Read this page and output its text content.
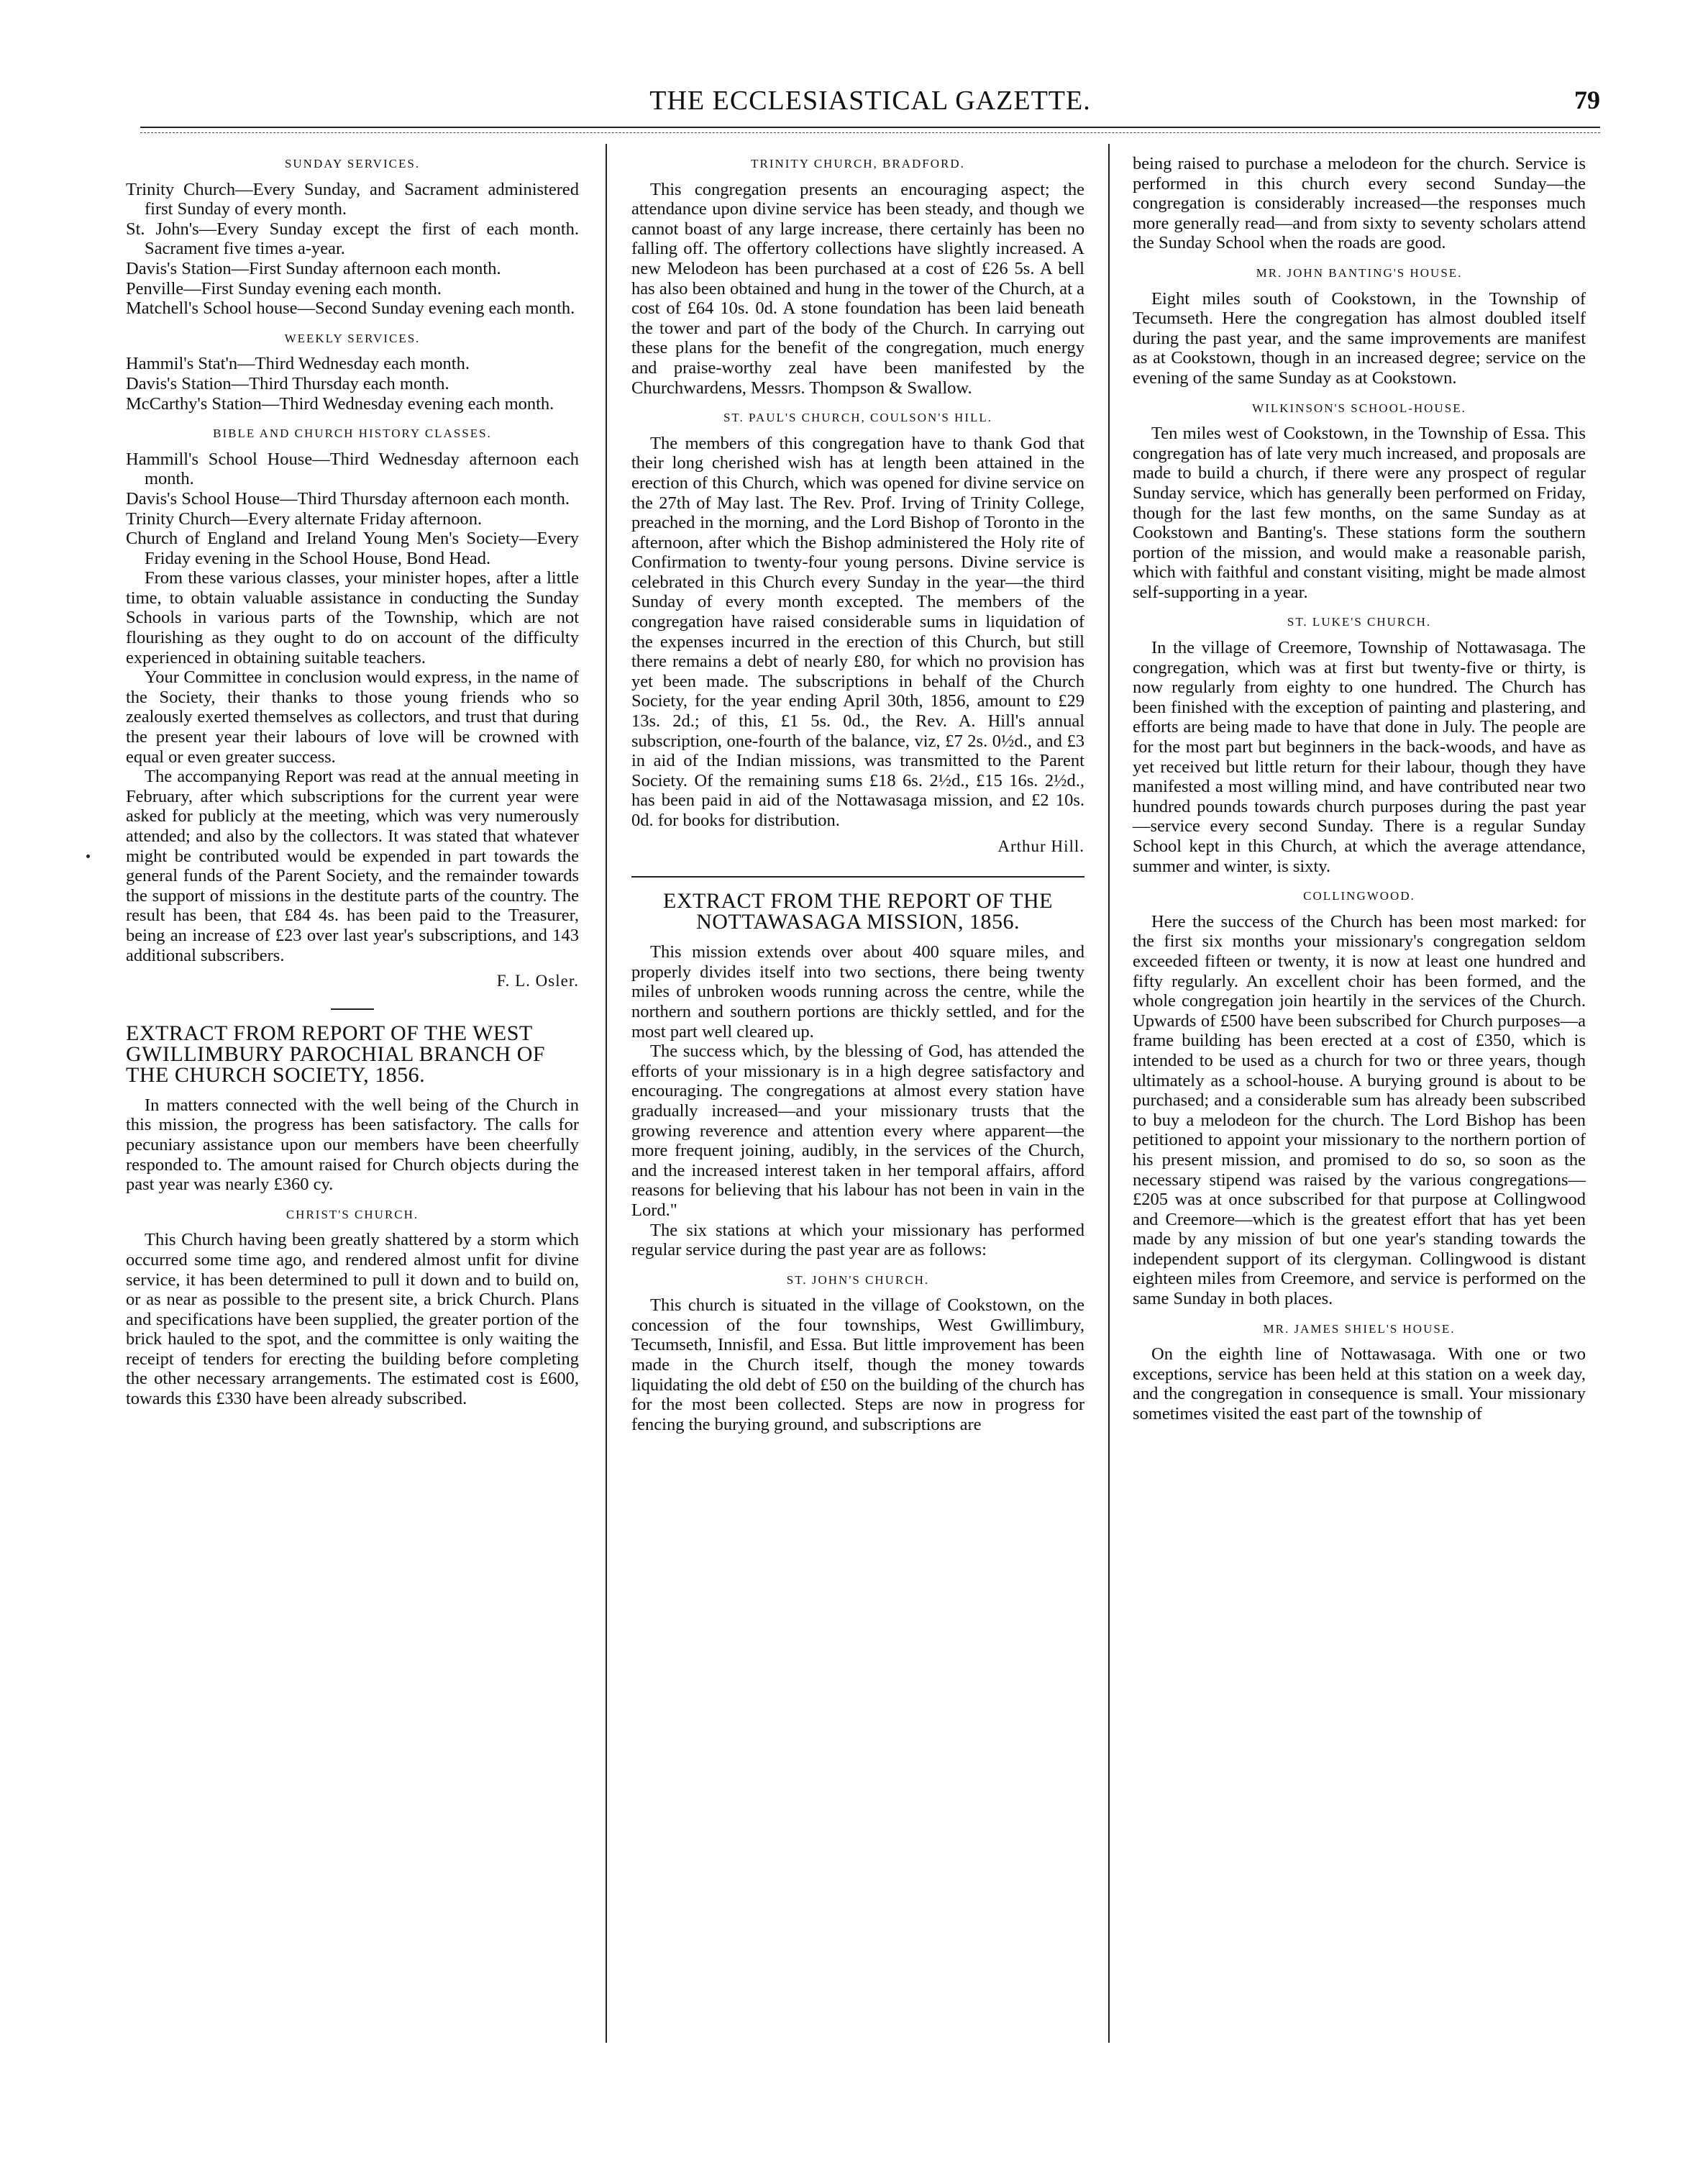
THE ECCLESIASTICAL GAZETTE.	79
SUNDAY SERVICES.

Trinity Church—Every Sunday, and Sacrament administered first Sunday of every month.

St. John's—Every Sunday except the first of each month. Sacrament five times a-year.

Davis's Station—First Sunday afternoon each month.

Penville—First Sunday evening each month.

Matchell's School house—Second Sunday evening each month.

WEEKLY SERVICES.

Hammil's Stat'n—Third Wednesday each month.

Davis's Station—Third Thursday each month.

McCarthy's Station—Third Wednesday evening each month.

BIBLE AND CHURCH HISTORY CLASSES.

Hammill's School House—Third Wednesday afternoon each month.

Davis's School House—Third Thursday afternoon each month.

Trinity Church—Every alternate Friday afternoon.

Church of England and Ireland Young Men's Society—Every Friday evening in the School House, Bond Head.

From these various classes, your minister hopes, after a little time, to obtain valuable assistance in conducting the Sunday Schools in various parts of the Township, which are not flourishing as they ought to do on account of the difficulty experienced in obtaining suitable teachers.

Your Committee in conclusion would express, in the name of the Society, their thanks to those young friends who so zealously exerted themselves as collectors, and trust that during the present year their labours of love will be crowned with equal or even greater success.

The accompanying Report was read at the annual meeting in February, after which subscriptions for the current year were asked for publicly at the meeting, which was very numerously attended; and also by the collectors. It was stated that whatever might be contributed would be expended in part towards the general funds of the Parent Society, and the remainder towards the support of missions in the destitute parts of the country. The result has been, that £84 4s. has been paid to the Treasurer, being an increase of £23 over last year's subscriptions, and 143 additional subscribers.

F. L. Osler.
EXTRACT FROM REPORT OF THE WEST GWILLIMBURY PAROCHIAL BRANCH OF THE CHURCH SOCIETY, 1856.

In matters connected with the well being of the Church in this mission, the progress has been satisfactory. The calls for pecuniary assistance upon our members have been cheerfully responded to. The amount raised for Church objects during the past year was nearly £360 cy.

CHRIST'S CHURCH.

This Church having been greatly shattered by a storm which occurred some time ago, and rendered almost unfit for divine service, it has been determined to pull it down and to build on, or as near as possible to the present site, a brick Church. Plans and specifications have been supplied, the greater portion of the brick hauled to the spot, and the committee is only waiting the receipt of tenders for erecting the building before completing the other necessary arrangements. The estimated cost is £600, towards this £330 have been already subscribed.

TRINITY CHURCH, BRADFORD.

This congregation presents an encouraging aspect; the attendance upon divine service has been steady, and though we cannot boast of any large increase, there certainly has been no falling off. The offertory collections have slightly increased. A new Melodeon has been purchased at a cost of £26 5s. A bell has also been obtained and hung in the tower of the Church, at a cost of £64 10s. 0d. A stone foundation has been laid beneath the tower and part of the body of the Church. In carrying out these plans for the benefit of the congregation, much energy and praise-worthy zeal have been manifested by the Churchwardens, Messrs. Thompson & Swallow.

ST. PAUL'S CHURCH, COULSON'S HILL.

The members of this congregation have to thank God that their long cherished wish has at length been attained in the erection of this Church, which was opened for divine service on the 27th of May last. The Rev. Prof. Irving of Trinity College, preached in the morning, and the Lord Bishop of Toronto in the afternoon, after which the Bishop administered the Holy rite of Confirmation to twenty-four young persons. Divine service is celebrated in this Church every Sunday in the year—the third Sunday of every month excepted. The members of the congregation have raised considerable sums in liquidation of the expenses incurred in the erection of this Church, but still there remains a debt of nearly £80, for which no provision has yet been made. The subscriptions in behalf of the Church Society, for the year ending April 30th, 1856, amount to £29 13s. 2d.; of this, £1 5s. 0d., the Rev. A. Hill's annual subscription, one-fourth of the balance, viz, £7 2s. 0½d., and £3 in aid of the Indian missions, was transmitted to the Parent Society. Of the remaining sums £18 6s. 2½d., £15 16s. 2½d., has been paid in aid of the Nottawasaga mission, and £2 10s. 0d. for books for distribution.

Arthur Hill.
EXTRACT FROM THE REPORT OF THE NOTTAWASAGA MISSION, 1856.

This mission extends over about 400 square miles, and properly divides itself into two sections, there being twenty miles of unbroken woods running across the centre, while the northern and southern portions are thickly settled, and for the most part well cleared up.

The success which, by the blessing of God, has attended the efforts of your missionary is in a high degree satisfactory and encouraging. The congregations at almost every station have gradually increased—and your missionary trusts that the growing reverence and attention every where apparent—the more frequent joining, audibly, in the services of the Church, and the increased interest taken in her temporal affairs, afford reasons for believing that his labour has not been in vain in the Lord."

The six stations at which your missionary has performed regular service during the past year are as follows:

ST. JOHN'S CHURCH.

This church is situated in the village of Cookstown, on the concession of the four townships, West Gwillimbury, Tecumseth, Innisfil, and Essa. But little improvement has been made in the Church itself, though the money towards liquidating the old debt of £50 on the building of the church has for the most been collected. Steps are now in progress for fencing the burying ground, and subscriptions are

being raised to purchase a melodeon for the church. Service is performed in this church every second Sunday—the congregation is considerably increased—the responses much more generally read—and from sixty to seventy scholars attend the Sunday School when the roads are good.

MR. JOHN BANTING'S HOUSE.

Eight miles south of Cookstown, in the Township of Tecumseth. Here the congregation has almost doubled itself during the past year, and the same improvements are manifest as at Cookstown, though in an increased degree; service on the evening of the same Sunday as at Cookstown.

WILKINSON'S SCHOOL-HOUSE.

Ten miles west of Cookstown, in the Township of Essa. This congregation has of late very much increased, and proposals are made to build a church, if there were any prospect of regular Sunday service, which has generally been performed on Friday, though for the last few months, on the same Sunday as at Cookstown and Banting's. These stations form the southern portion of the mission, and would make a reasonable parish, which with faithful and constant visiting, might be made almost self-supporting in a year.

ST. LUKE'S CHURCH.

In the village of Creemore, Township of Nottawasaga. The congregation, which was at first but twenty-five or thirty, is now regularly from eighty to one hundred. The Church has been finished with the exception of painting and plastering, and efforts are being made to have that done in July. The people are for the most part but beginners in the back-woods, and have as yet received but little return for their labour, though they have manifested a most willing mind, and have contributed near two hundred pounds towards church purposes during the past year—service every second Sunday. There is a regular Sunday School kept in this Church, at which the average attendance, summer and winter, is sixty.

COLLINGWOOD.

Here the success of the Church has been most marked: for the first six months your missionary's congregation seldom exceeded fifteen or twenty, it is now at least one hundred and fifty regularly. An excellent choir has been formed, and the whole congregation join heartily in the services of the Church. Upwards of £500 have been subscribed for Church purposes—a frame building has been erected at a cost of £350, which is intended to be used as a church for two or three years, though ultimately as a school-house. A burying ground is about to be purchased; and a considerable sum has already been subscribed to buy a melodeon for the church. The Lord Bishop has been petitioned to appoint your missionary to the northern portion of his present mission, and promised to do so, so soon as the necessary stipend was raised by the various congregations—£205 was at once subscribed for that purpose at Collingwood and Creemore—which is the greatest effort that has yet been made by any mission of but one year's standing towards the independent support of its clergyman. Collingwood is distant eighteen miles from Creemore, and service is performed on the same Sunday in both places.

MR. JAMES SHIEL'S HOUSE.

On the eighth line of Nottawasaga. With one or two exceptions, service has been held at this station on a week day, and the congregation in consequence is small. Your missionary sometimes visited the east part of the township of
